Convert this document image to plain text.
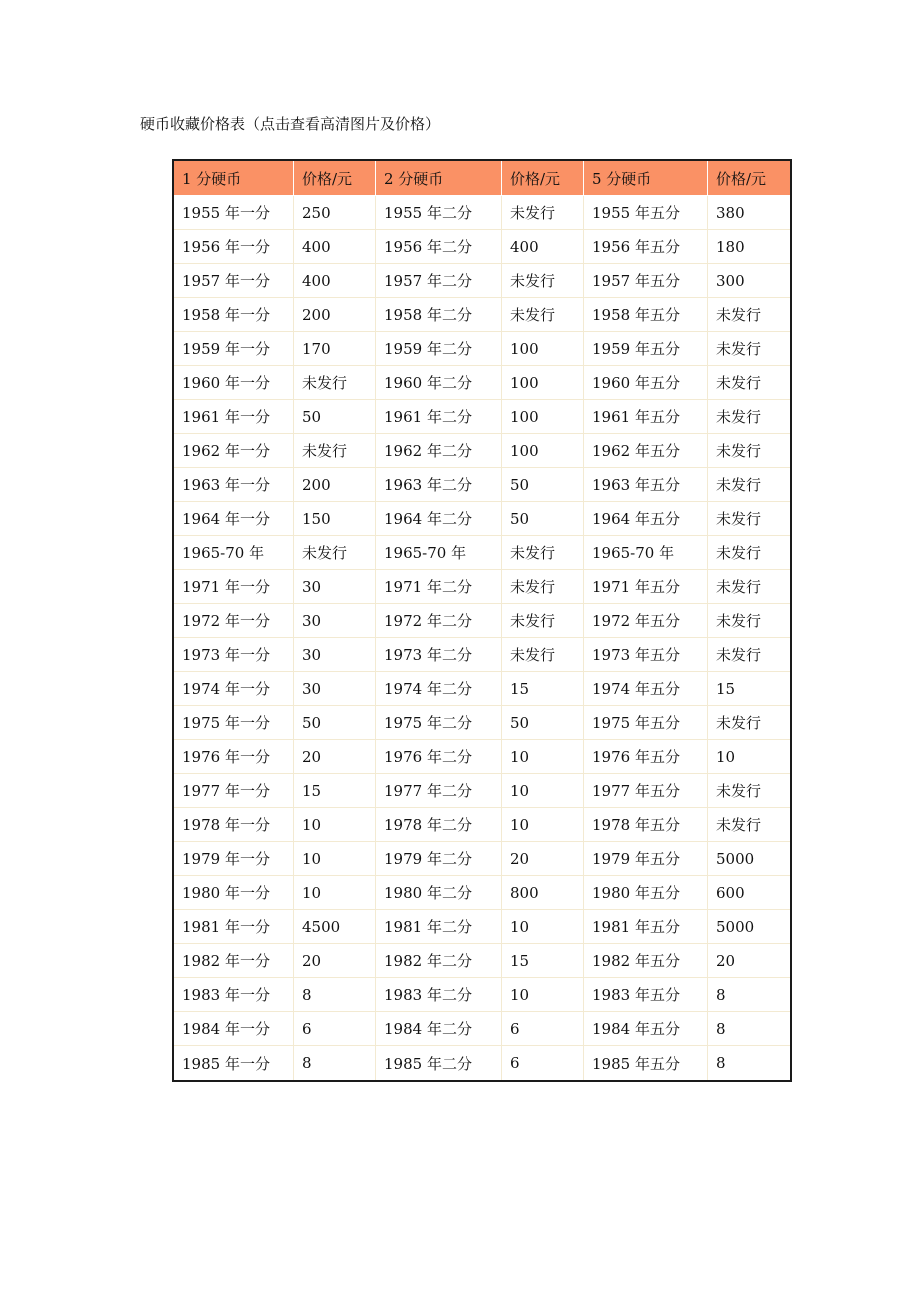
硬币收藏价格表（点击查看高清图片及价格）
1 分硬币	价格/元	2 分硬币	价格/元	5 分硬币	价格/元
1955 年一分	250	1955 年二分	未发行	1955 年五分	380
1956 年一分	400	1956 年二分	400	1956 年五分	180
1957 年一分	400	1957 年二分	未发行	1957 年五分	300
1958 年一分	200	1958 年二分	未发行	1958 年五分	未发行
1959 年一分	170	1959 年二分	100	1959 年五分	未发行
1960 年一分	未发行	1960 年二分	100	1960 年五分	未发行
1961 年一分	50	1961 年二分	100	1961 年五分	未发行
1962 年一分	未发行	1962 年二分	100	1962 年五分	未发行
1963 年一分	200	1963 年二分	50	1963 年五分	未发行
1964 年一分	150	1964 年二分	50	1964 年五分	未发行
1965-70 年	未发行	1965-70 年	未发行	1965-70 年	未发行
1971 年一分	30	1971 年二分	未发行	1971 年五分	未发行
1972 年一分	30	1972 年二分	未发行	1972 年五分	未发行
1973 年一分	30	1973 年二分	未发行	1973 年五分	未发行
1974 年一分	30	1974 年二分	15	1974 年五分	15
1975 年一分	50	1975 年二分	50	1975 年五分	未发行
1976 年一分	20	1976 年二分	10	1976 年五分	10
1977 年一分	15	1977 年二分	10	1977 年五分	未发行
1978 年一分	10	1978 年二分	10	1978 年五分	未发行
1979 年一分	10	1979 年二分	20	1979 年五分	5000
1980 年一分	10	1980 年二分	800	1980 年五分	600
1981 年一分	4500	1981 年二分	10	1981 年五分	5000
1982 年一分	20	1982 年二分	15	1982 年五分	20
1983 年一分	8	1983 年二分	10	1983 年五分	8
1984 年一分	6	1984 年二分	6	1984 年五分	8
1985 年一分	8	1985 年二分	6	1985 年五分	8
